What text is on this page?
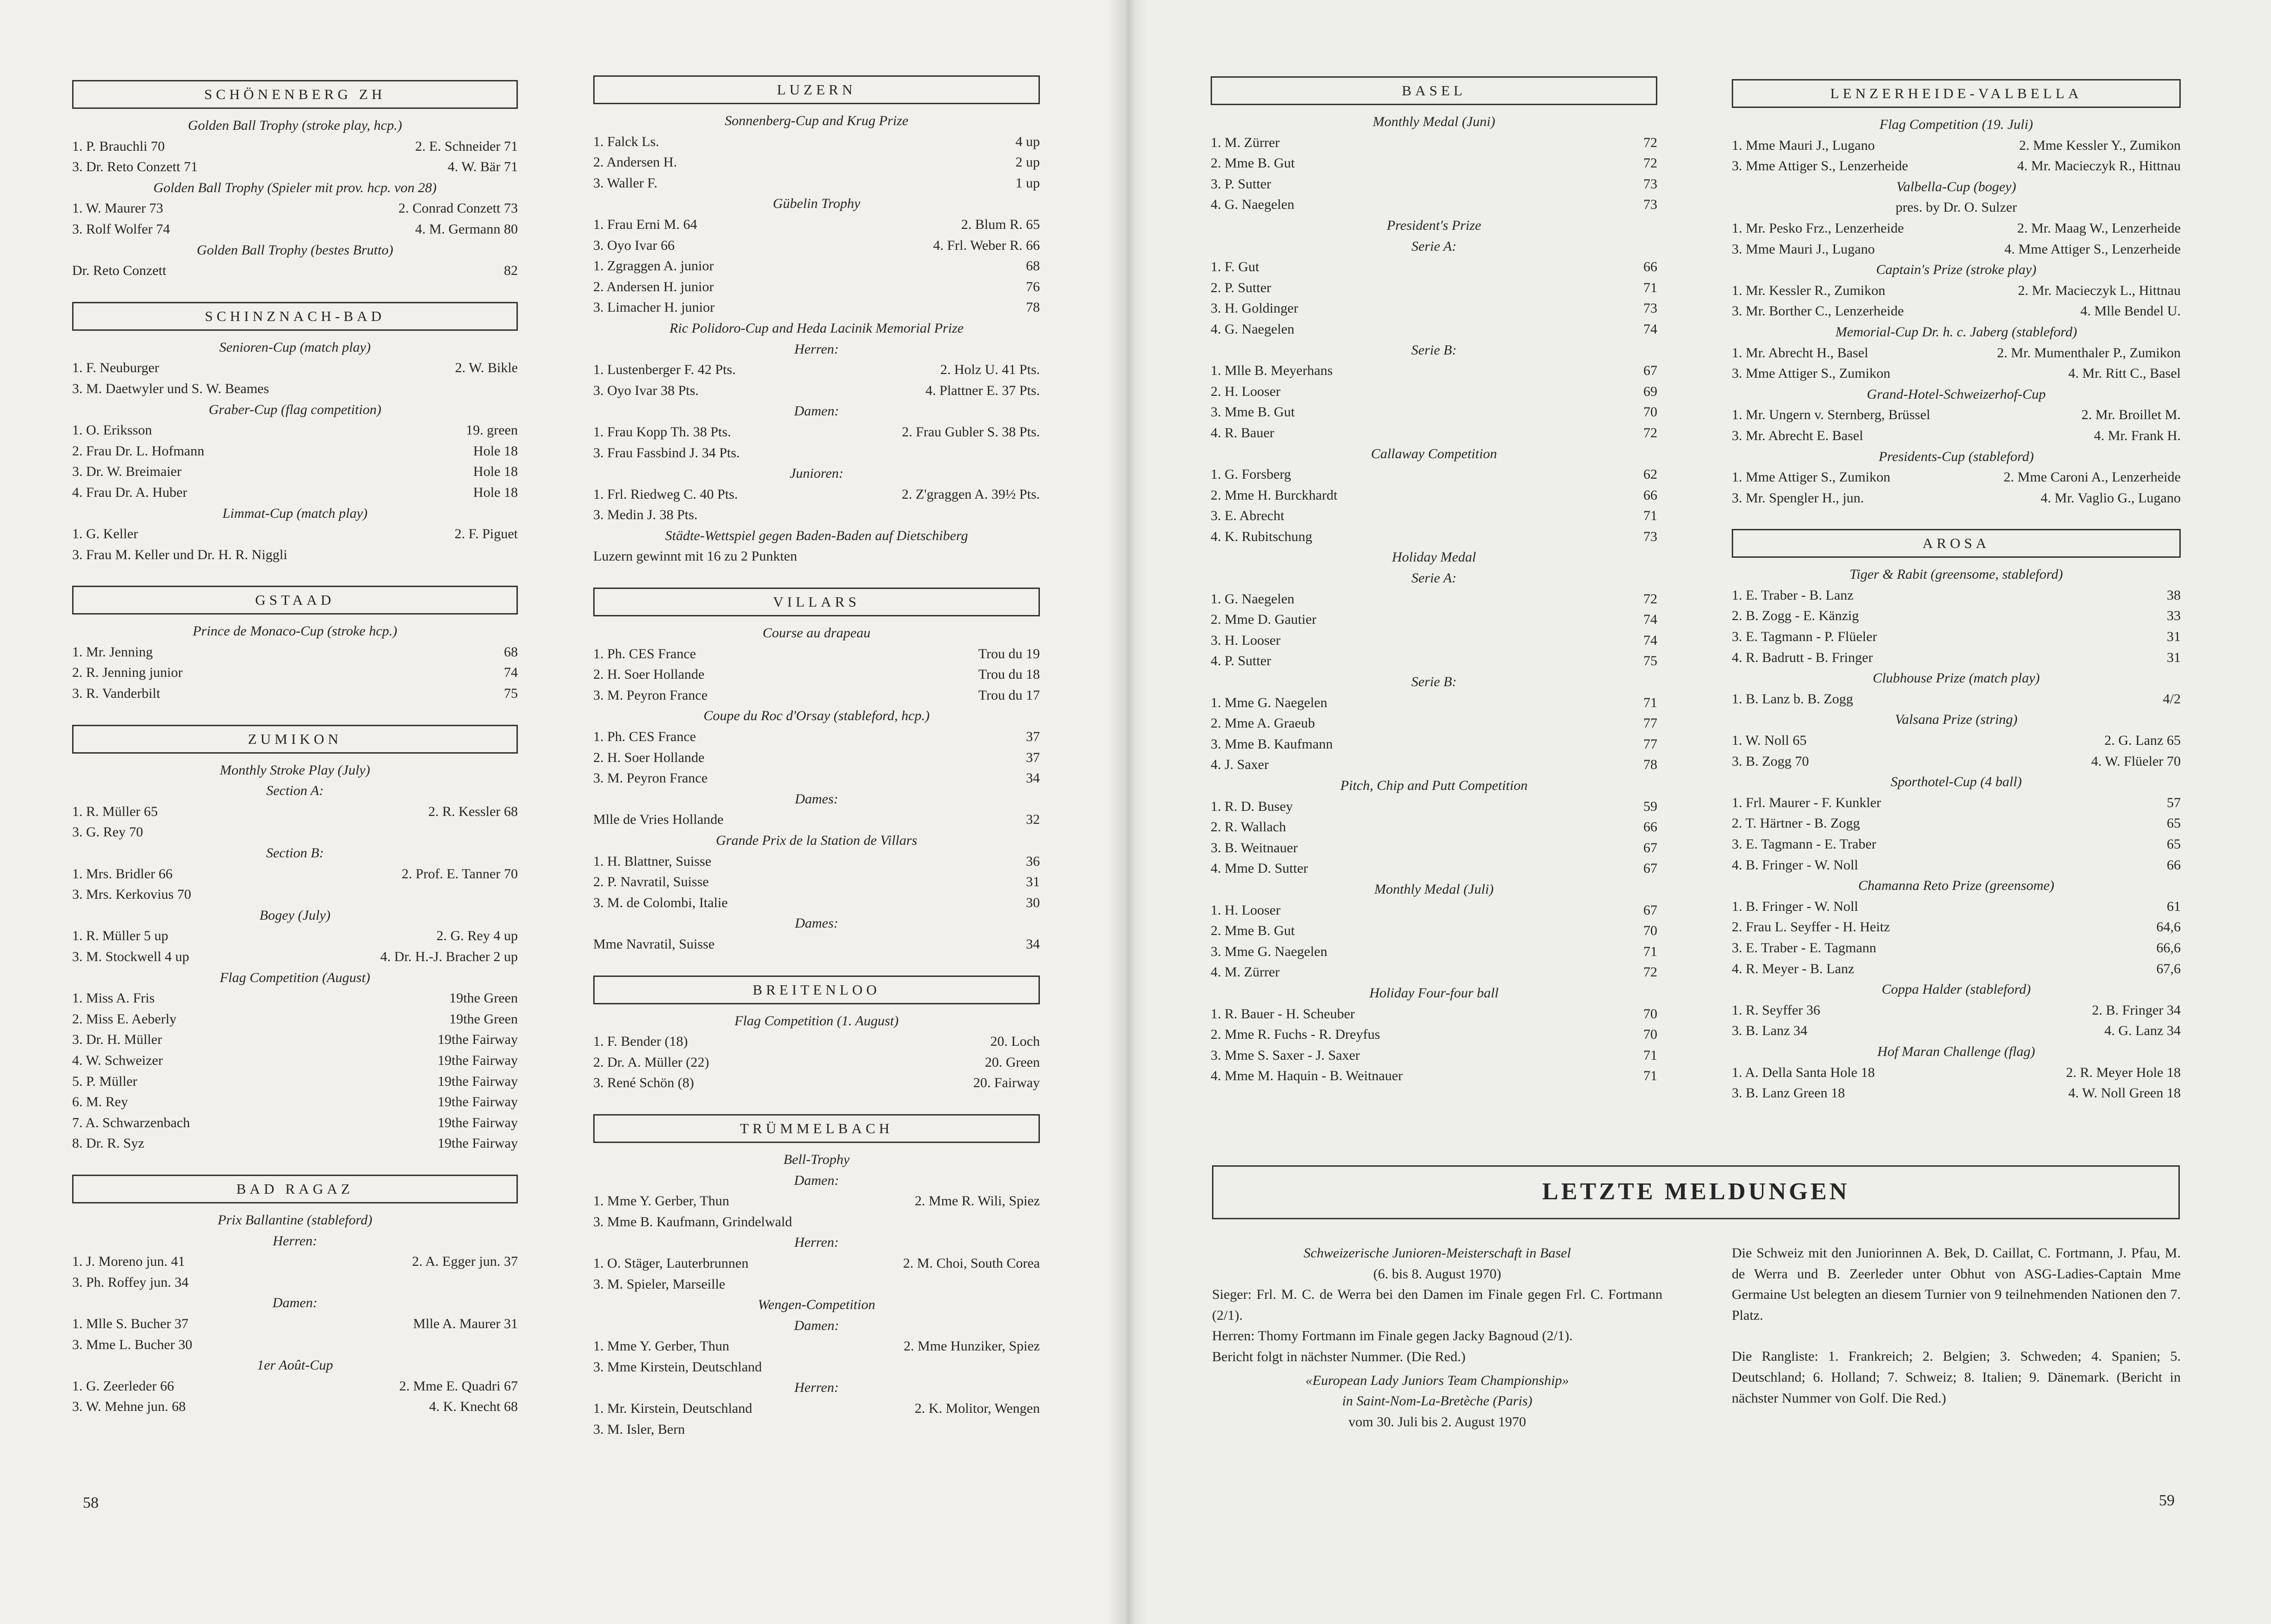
SCHÖNENBERG ZH
Golden Ball Trophy (stroke play, hcp.)
1. P. Brauchli 70	2. E. Schneider 71
3. Dr. Reto Conzett 71	4. W. Bär 71
Golden Ball Trophy (Spieler mit prov. hcp. von 28)
1. W. Maurer 73	2. Conrad Conzett 73
3. Rolf Wolfer 74	4. M. Germann 80
Golden Ball Trophy (bestes Brutto)
Dr. Reto Conzett	82
SCHINZNACH-BAD
Senioren-Cup (match play)
1. F. Neuburger	2. W. Bikle
3. M. Daetwyler und S. W. Beames
Graber-Cup (flag competition)
1. O. Eriksson	19. green
2. Frau Dr. L. Hofmann	Hole 18
3. Dr. W. Breimaier	Hole 18
4. Frau Dr. A. Huber	Hole 18
Limmat-Cup (match play)
1. G. Keller	2. F. Piguet
3. Frau M. Keller und Dr. H. R. Niggli
GSTAAD
Prince de Monaco-Cup (stroke hcp.)
1. Mr. Jenning	68
2. R. Jenning junior	74
3. R. Vanderbilt	75
ZUMIKON
Monthly Stroke Play (July)
Section A:
1. R. Müller 65	2. R. Kessler 68
3. G. Rey 70
Section B:
1. Mrs. Bridler 66	2. Prof. E. Tanner 70
3. Mrs. Kerkovius 70
Bogey (July)
1. R. Müller 5 up	2. G. Rey 4 up
3. M. Stockwell 4 up	4. Dr. H.-J. Bracher 2 up
Flag Competition (August)
1. Miss A. Fris	19the Green
2. Miss E. Aeberly	19the Green
3. Dr. H. Müller	19the Fairway
4. W. Schweizer	19the Fairway
5. P. Müller	19the Fairway
6. M. Rey	19the Fairway
7. A. Schwarzenbach	19the Fairway
8. Dr. R. Syz	19the Fairway
BAD RAGAZ
Prix Ballantine (stableford)
Herren:
1. J. Moreno jun. 41	2. A. Egger jun. 37
3. Ph. Roffey jun. 34
Damen:
1. Mlle S. Bucher 37	Mlle A. Maurer 31
3. Mme L. Bucher 30
1er Août-Cup
1. G. Zeerleder 66	2. Mme E. Quadri 67
3. W. Mehne jun. 68	4. K. Knecht 68
LUZERN
Sonnenberg-Cup and Krug Prize
1. Falck Ls.	4 up
2. Andersen H.	2 up
3. Waller F.	1 up
Gübelin Trophy
1. Frau Erni M. 64	2. Blum R. 65
3. Oyo Ivar 66	4. Frl. Weber R. 66
1. Zgraggen A. junior	68
2. Andersen H. junior	76
3. Limacher H. junior	78
Ric Polidoro-Cup and Heda Lacinik Memorial Prize
Herren:
1. Lustenberger F. 42 Pts.	2. Holz U. 41 Pts.
3. Oyo Ivar 38 Pts.	4. Plattner E. 37 Pts.
Damen:
1. Frau Kopp Th. 38 Pts.	2. Frau Gubler S. 38 Pts.
3. Frau Fassbind J. 34 Pts.
Junioren:
1. Frl. Riedweg C. 40 Pts.	2. Z'graggen A. 39½ Pts.
3. Medin J. 38 Pts.
Städte-Wettspiel gegen Baden-Baden auf Dietschiberg
Luzern gewinnt mit 16 zu 2 Punkten
VILLARS
Course au drapeau
1. Ph. CES France	Trou du 19
2. H. Soer Hollande	Trou du 18
3. M. Peyron France	Trou du 17
Coupe du Roc d'Orsay (stableford, hcp.)
1. Ph. CES France	37
2. H. Soer Hollande	37
3. M. Peyron France	34
Dames:
Mlle de Vries Hollande	32
Grande Prix de la Station de Villars
1. H. Blattner, Suisse	36
2. P. Navratil, Suisse	31
3. M. de Colombi, Italie	30
Dames:
Mme Navratil, Suisse	34
BREITENLOO
Flag Competition (1. August)
1. F. Bender (18)	20. Loch
2. Dr. A. Müller (22)	20. Green
3. René Schön (8)	20. Fairway
TRÜMMELBACH
Bell-Trophy
Damen:
1. Mme Y. Gerber, Thun	2. Mme R. Wili, Spiez
3. Mme B. Kaufmann, Grindelwald
Herren:
1. O. Stäger, Lauterbrunnen	2. M. Choi, South Corea
3. M. Spieler, Marseille
Wengen-Competition
Damen:
1. Mme Y. Gerber, Thun	2. Mme Hunziker, Spiez
3. Mme Kirstein, Deutschland
Herren:
1. Mr. Kirstein, Deutschland	2. K. Molitor, Wengen
3. M. Isler, Bern
BASEL
Monthly Medal (Juni)
1. M. Zürrer	72
2. Mme B. Gut	72
3. P. Sutter	73
4. G. Naegelen	73
President's Prize
Serie A:
1. F. Gut	66
2. P. Sutter	71
3. H. Goldinger	73
4. G. Naegelen	74
Serie B:
1. Mlle B. Meyerhans	67
2. H. Looser	69
3. Mme B. Gut	70
4. R. Bauer	72
Callaway Competition
1. G. Forsberg	62
2. Mme H. Burckhardt	66
3. E. Abrecht	71
4. K. Rubitschung	73
Holiday Medal
Serie A:
1. G. Naegelen	72
2. Mme D. Gautier	74
3. H. Looser	74
4. P. Sutter	75
Serie B:
1. Mme G. Naegelen	71
2. Mme A. Graeub	77
3. Mme B. Kaufmann	77
4. J. Saxer	78
Pitch, Chip and Putt Competition
1. R. D. Busey	59
2. R. Wallach	66
3. B. Weitnauer	67
4. Mme D. Sutter	67
Monthly Medal (Juli)
1. H. Looser	67
2. Mme B. Gut	70
3. Mme G. Naegelen	71
4. M. Zürrer	72
Holiday Four-four ball
1. R. Bauer - H. Scheuber	70
2. Mme R. Fuchs - R. Dreyfus	70
3. Mme S. Saxer - J. Saxer	71
4. Mme M. Haquin - B. Weitnauer	71
LENZERHEIDE-VALBELLA
Flag Competition (19. Juli)
1. Mme Mauri J., Lugano	2. Mme Kessler Y., Zumikon
3. Mme Attiger S., Lenzerheide	4. Mr. Macieczyk R., Hittnau
Valbella-Cup (bogey)
pres. by Dr. O. Sulzer
1. Mr. Pesko Frz., Lenzerheide	2. Mr. Maag W., Lenzerheide
3. Mme Mauri J., Lugano	4. Mme Attiger S., Lenzerheide
Captain's Prize (stroke play)
1. Mr. Kessler R., Zumikon	2. Mr. Macieczyk L., Hittnau
3. Mr. Borther C., Lenzerheide	4. Mlle Bendel U.
Memorial-Cup Dr. h. c. Jaberg (stableford)
1. Mr. Abrecht H., Basel	2. Mr. Mumenthaler P., Zumikon
3. Mme Attiger S., Zumikon	4. Mr. Ritt C., Basel
Grand-Hotel-Schweizerhof-Cup
1. Mr. Ungern v. Sternberg, Brüssel	2. Mr. Broillet M.
3. Mr. Abrecht E. Basel	4. Mr. Frank H.
Presidents-Cup (stableford)
1. Mme Attiger S., Zumikon	2. Mme Caroni A., Lenzerheide
3. Mr. Spengler H., jun.	4. Mr. Vaglio G., Lugano
AROSA
Tiger & Rabit (greensome, stableford)
1. E. Traber - B. Lanz	38
2. B. Zogg - E. Känzig	33
3. E. Tagmann - P. Flüeler	31
4. R. Badrutt - B. Fringer	31
Clubhouse Prize (match play)
1. B. Lanz b. B. Zogg	4/2
Valsana Prize (string)
1. W. Noll 65	2. G. Lanz 65
3. B. Zogg 70	4. W. Flüeler 70
Sporthotel-Cup (4 ball)
1. Frl. Maurer - F. Kunkler	57
2. T. Härtner - B. Zogg	65
3. E. Tagmann - E. Traber	65
4. B. Fringer - W. Noll	66
Chamanna Reto Prize (greensome)
1. B. Fringer - W. Noll	61
2. Frau L. Seyffer - H. Heitz	64,6
3. E. Traber - E. Tagmann	66,6
4. R. Meyer - B. Lanz	67,6
Coppa Halder (stableford)
1. R. Seyffer 36	2. B. Fringer 34
3. B. Lanz 34	4. G. Lanz 34
Hof Maran Challenge (flag)
1. A. Della Santa Hole 18	2. R. Meyer Hole 18
3. B. Lanz Green 18	4. W. Noll Green 18
LETZTE MELDUNGEN

Schweizerische Junioren-Meisterschaft in Basel

(6. bis 8. August 1970)

Sieger: Frl. M. C. de Werra bei den Damen im Finale gegen Frl. C. Fortmann (2/1).

Herren: Thomy Fortmann im Finale gegen Jacky Bagnoud (2/1).

Bericht folgt in nächster Nummer. (Die Red.)

«European Lady Juniors Team Championship»

in Saint-Nom-La-Bretèche (Paris)

vom 30. Juli bis 2. August 1970

Die Schweiz mit den Juniorinnen A. Bek, D. Caillat, C. Fortmann, J. Pfau, M. de Werra und B. Zeerleder unter Obhut von ASG-Ladies-Captain Mme Germaine Ust belegten an diesem Turnier von 9 teilnehmenden Nationen den 7. Platz.

Die Rangliste: 1. Frankreich; 2. Belgien; 3. Schweden; 4. Spanien; 5. Deutschland; 6. Holland; 7. Schweiz; 8. Italien; 9. Dänemark. (Bericht in nächster Nummer von Golf. Die Red.)

58	59
